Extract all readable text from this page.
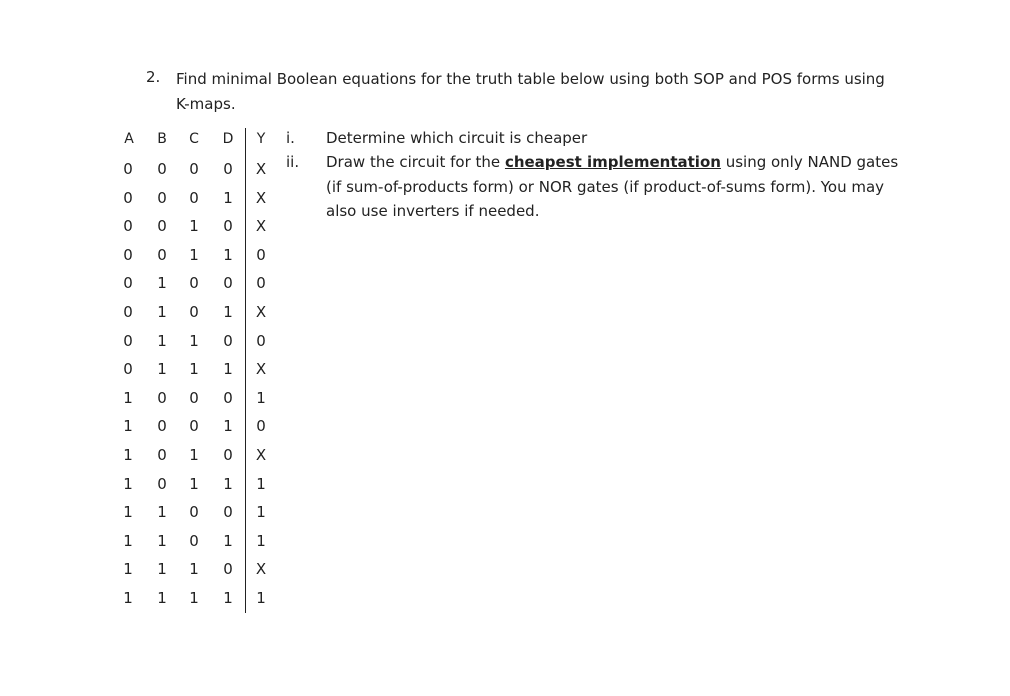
2. Find minimal Boolean equations for the truth table below using both SOP and POS forms using K-maps.
A	B	C	D	Y
0	0	0	0	X
0	0	0	1	X
0	0	1	0	X
0	0	1	1	0
0	1	0	0	0
0	1	0	1	X
0	1	1	0	0
0	1	1	1	X
1	0	0	0	1
1	0	0	1	0
1	0	1	0	X
1	0	1	1	1
1	1	0	0	1
1	1	0	1	1
1	1	1	0	X
1	1	1	1	1
i. Determine which circuit is cheaper
ii. Draw the circuit for the cheapest implementation using only NAND gates (if sum-of-products form) or NOR gates (if product-of-sums form). You may also use inverters if needed.
